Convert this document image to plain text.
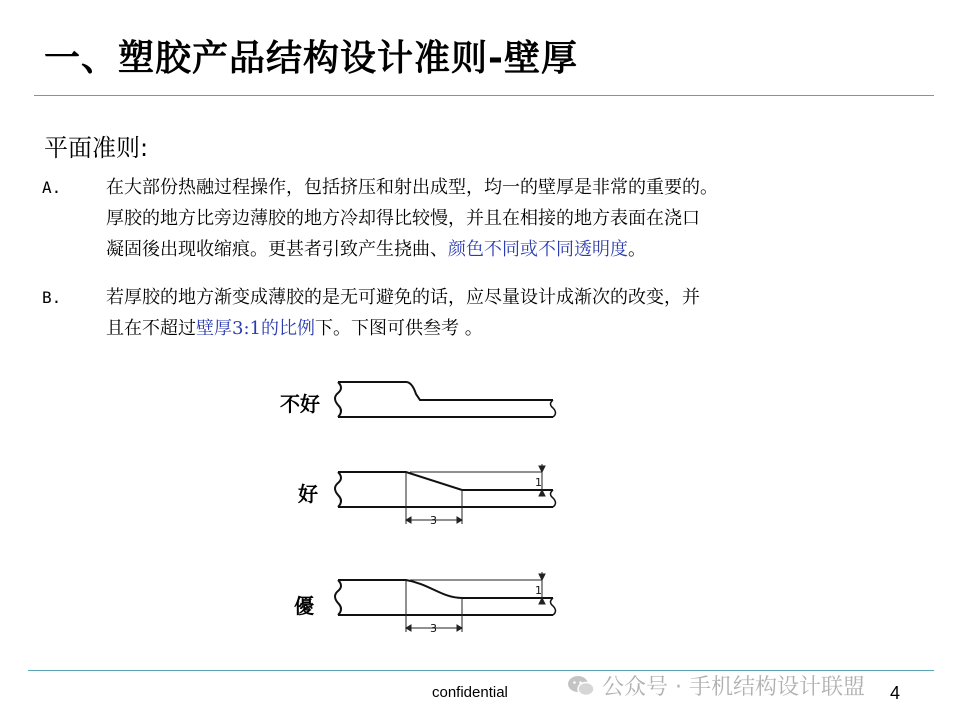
一、塑胶产品结构设计准则-壁厚
平面准则:
A. 在大部份热融过程操作，包括挤压和射出成型，均一的壁厚是非常的重要的。
厚胶的地方比旁边薄胶的地方冷却得比较慢，并且在相接的地方表面在浇口
凝固後出现收缩痕。更甚者引致产生挠曲、颜色不同或不同透明度。
B. 若厚胶的地方渐变成薄胶的是无可避免的话，应尽量设计成渐次的改变，并
且在不超过壁厚3:1的比例下。下图可供叁考 。
不好
好
優
3
3
1
1
confidential	公众号 · 手机结构设计联盟 4
